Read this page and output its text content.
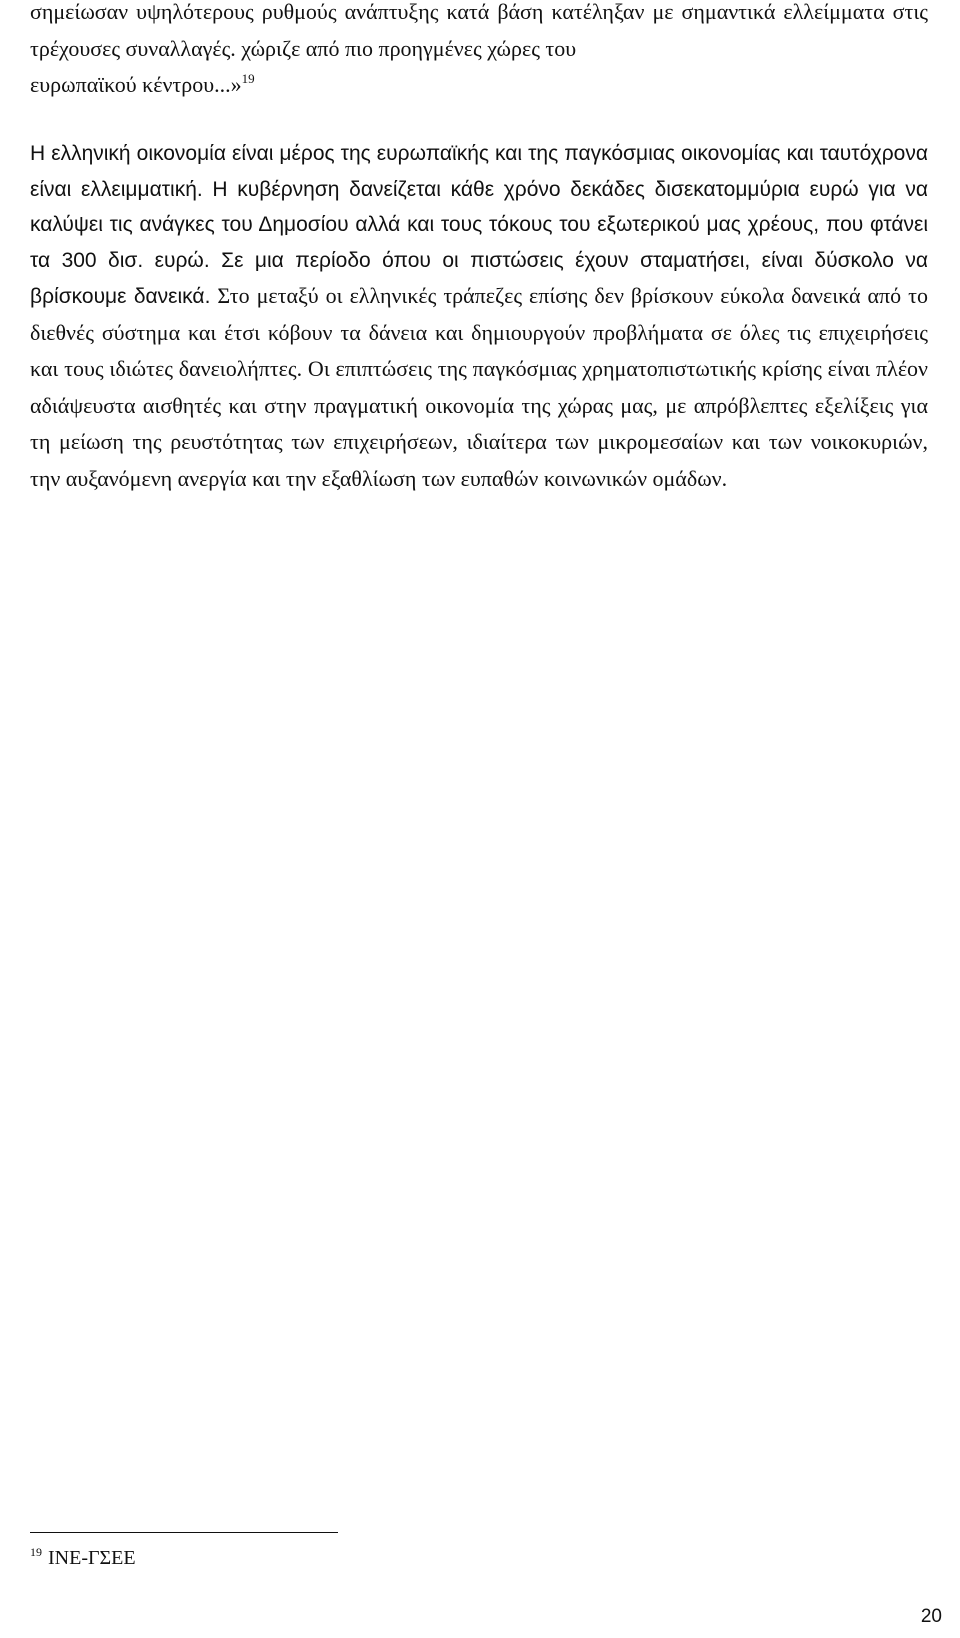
σημείωσαν υψηλότερους ρυθμούς ανάπτυξης κατά βάση κατέληξαν με σημαντικά ελλείμματα στις τρέχουσες συναλλαγές. χώριζε από πιο προηγμένες χώρες του
ευρωπαϊκού κέντρου...»$^{19}$

Η ελληνική οικονομία είναι μέρος της ευρωπαϊκής και της παγκόσμιας οικονομίας και ταυτόχρονα είναι ελλειμματική. Η κυβέρνηση δανείζεται κάθε χρόνο δεκάδες δισεκατομμύρια ευρώ για να καλύψει τις ανάγκες του Δημοσίου αλλά και τους τόκους του εξωτερικού μας χρέους, που φτάνει τα 300 δισ. ευρώ. Σε μια περίοδο όπου οι πιστώσεις έχουν σταματήσει, είναι δύσκολο να βρίσκουμε δανεικά. Στο μεταξύ οι ελληνικές τράπεζες επίσης δεν βρίσκουν εύκολα δανεικά από το διεθνές σύστημα και έτσι κόβουν τα δάνεια και δημιουργούν προβλήματα σε όλες τις επιχειρήσεις και τους ιδιώτες δανειολήπτες. Οι επιπτώσεις της παγκόσμιας χρηματοπιστωτικής κρίσης είναι πλέον αδιάψευστα αισθητές και στην πραγματική οικονομία της χώρας μας, με απρόβλεπτες εξελίξεις για τη μείωση της ρευστότητας των επιχειρήσεων, ιδιαίτερα των μικρομεσαίων και των νοικοκυριών, την αυξανόμενη ανεργία και την εξαθλίωση των ευπαθών κοινωνικών ομάδων.

$^{19}$ ΙΝΕ-ΓΣΕΕ
20
